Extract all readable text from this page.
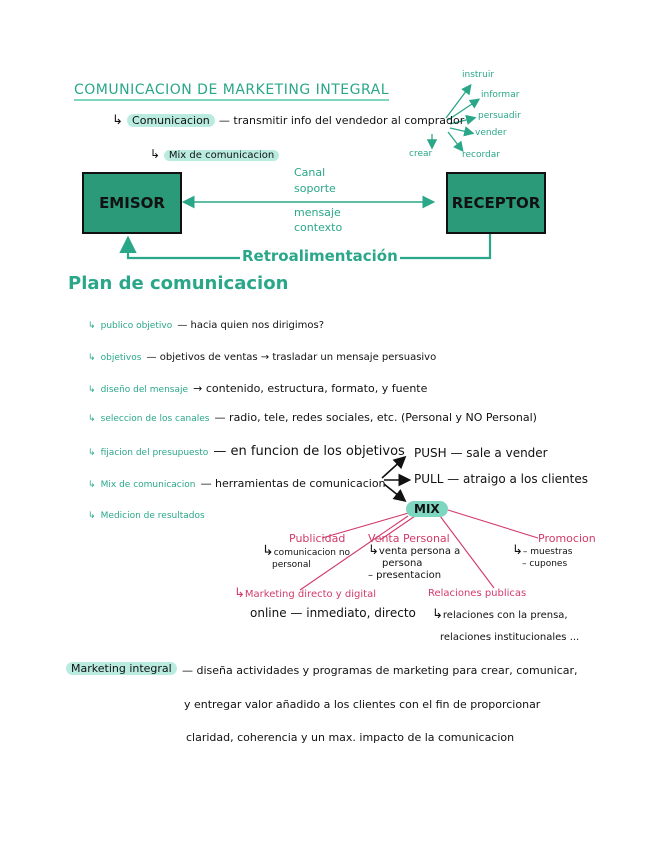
COMUNICACION DE MARKETING INTEGRAL
↳ Comunicacion — transmitir info del vendedor al comprador
↳ Mix de comunicacion
instruir
informar
persuadir
vender
recordar
crear
EMISOR	RECEPTOR
Canal
soporte
mensaje
contexto
Retroalimentación
Plan de comunicacion
↳ publico objetivo — hacia quien nos dirigimos?
↳ objetivos — objetivos de ventas → trasladar un mensaje persuasivo
↳ diseño del mensaje → contenido, estructura, formato, y fuente
↳ seleccion de los canales — radio, tele, redes sociales, etc. (Personal y NO Personal)
↳ fijacion del presupuesto — en funcion de los objetivos
↳ Mix de comunicacion — herramientas de comunicacion
↳ Medicion de resultados
PUSH — sale a vender
PULL — atraigo a los clientes
MIX
Publicidad
↳comunicacion no
personal
Venta Personal
↳venta persona a
persona
– presentacion
Promocion
↳– muestras
– cupones
↳Marketing directo y digital
online — inmediato, directo
Relaciones publicas
↳relaciones con la prensa,
relaciones institucionales ...
Marketing integral — diseña actividades y programas de marketing para crear, comunicar,
y entregar valor añadido a los clientes con el fin de proporcionar
claridad, coherencia y un max. impacto de la comunicacion
